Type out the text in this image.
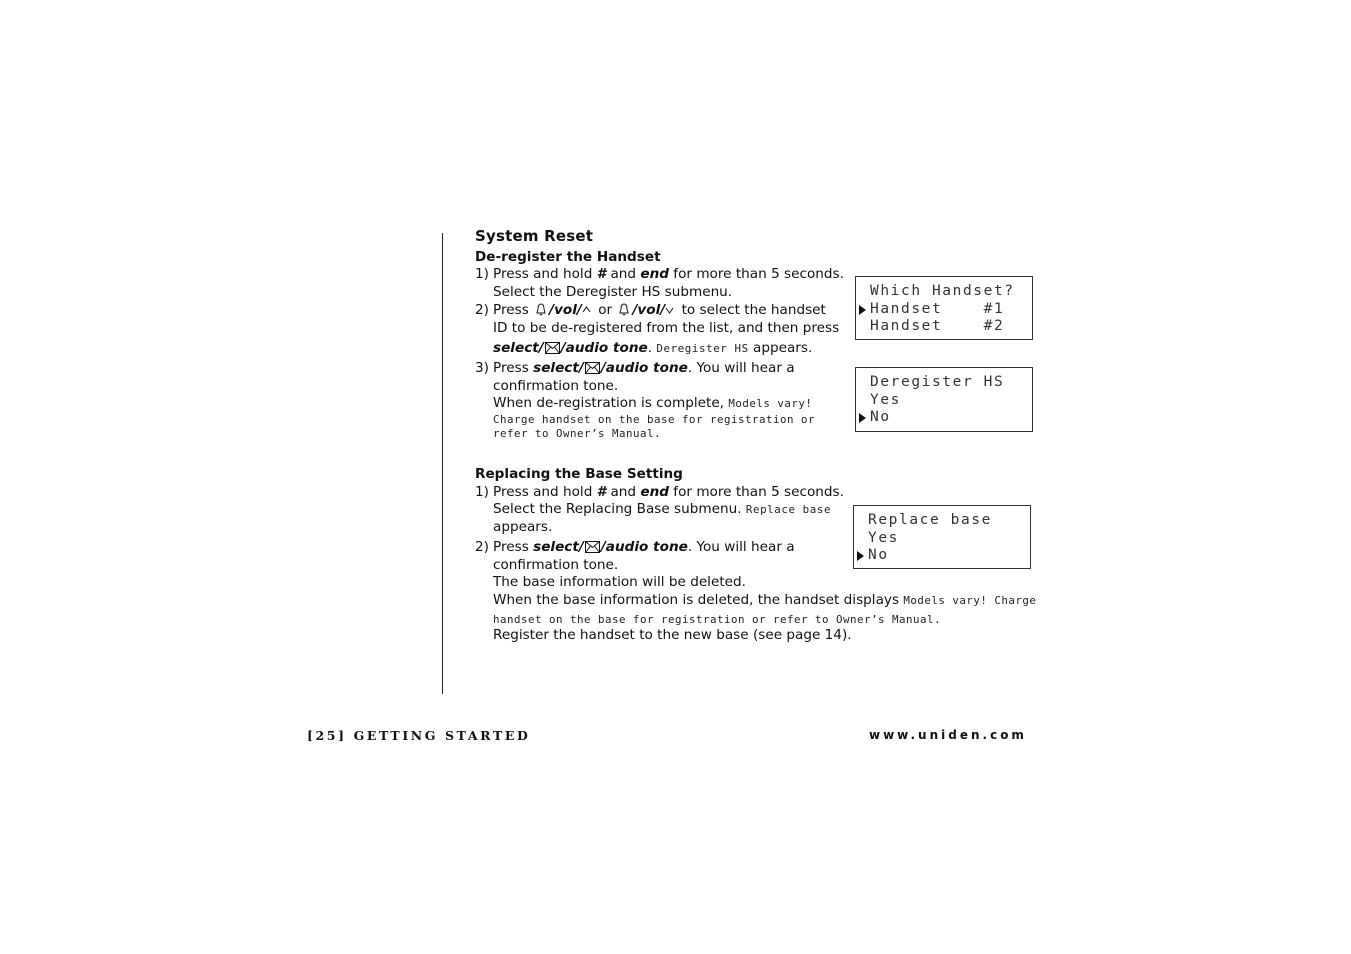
System Reset
De-register the Handset
1) Press and hold # and end for more than 5 seconds.
Select the Deregister HS submenu.
2) Press /vol/ or /vol/ to select the handset
ID to be de-registered from the list, and then press
select/ /audio tone. Deregister HS appears.
3) Press select/ /audio tone. You will hear a
confirmation tone.
When de-registration is complete, Models vary!
Charge handset on the base for registration or
refer to Owner’s Manual.
Replacing the Base Setting
1) Press and hold # and end for more than 5 seconds.
Select the Replacing Base submenu. Replace base
appears.
2) Press select/ /audio tone. You will hear a
confirmation tone.
The base information will be deleted.
When the base information is deleted, the handset displays Models vary! Charge
handset on the base for registration or refer to Owner’s Manual.
Register the handset to the new base (see page 14).
Which Handset?
Handset    #1
Handset    #2
Deregister HS
Yes
No
Replace base
Yes
No
[25] GETTING STARTED	www.uniden.com
